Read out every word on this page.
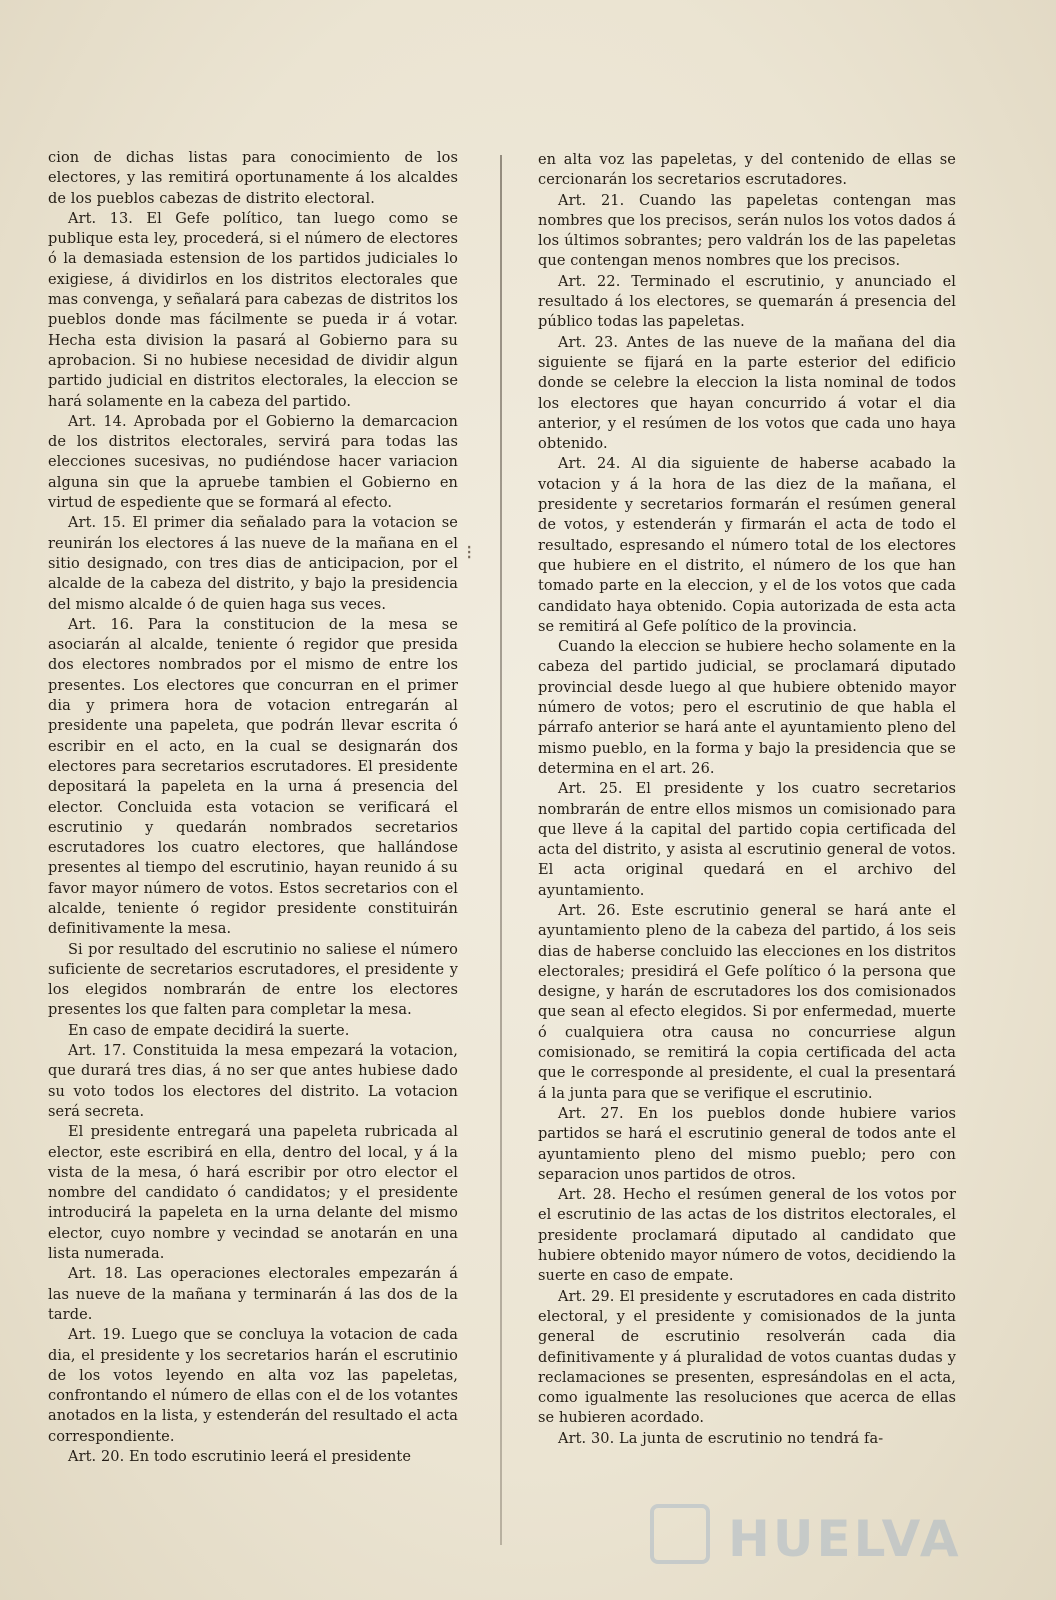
cion de dichas listas para conocimiento de los electores, y las remitirá oportunamente á los alcaldes de los pueblos cabezas de distrito electoral.

Art. 13. El Gefe político, tan luego como se publique esta ley, procederá, si el número de electores ó la demasiada estension de los partidos judiciales lo exigiese, á dividirlos en los distritos electorales que mas convenga, y señalará para cabezas de distritos los pueblos donde mas fácilmente se pueda ir á votar. Hecha esta division la pasará al Gobierno para su aprobacion. Si no hubiese necesidad de dividir algun partido judicial en distritos electorales, la eleccion se hará solamente en la cabeza del partido.

Art. 14. Aprobada por el Gobierno la demarcacion de los distritos electorales, servirá para todas las elecciones sucesivas, no pudiéndose hacer variacion alguna sin que la apruebe tambien el Gobierno en virtud de espediente que se formará al efecto.

Art. 15. El primer dia señalado para la votacion se reunirán los electores á las nueve de la mañana en el sitio designado, con tres dias de anticipacion, por el alcalde de la cabeza del distrito, y bajo la presidencia del mismo alcalde ó de quien haga sus veces.

Art. 16. Para la constitucion de la mesa se asociarán al alcalde, teniente ó regidor que presida dos electores nombrados por el mismo de entre los presentes. Los electores que concurran en el primer dia y primera hora de votacion entregarán al presidente una papeleta, que podrán llevar escrita ó escribir en el acto, en la cual se designarán dos electores para secretarios escrutadores. El presidente depositará la papeleta en la urna á presencia del elector. Concluida esta votacion se verificará el escrutinio y quedarán nombrados secretarios escrutadores los cuatro electores, que hallándose presentes al tiempo del escrutinio, hayan reunido á su favor mayor número de votos. Estos secretarios con el alcalde, teniente ó regidor presidente constituirán definitivamente la mesa.

Si por resultado del escrutinio no saliese el número suficiente de secretarios escrutadores, el presidente y los elegidos nombrarán de entre los electores presentes los que falten para completar la mesa.

En caso de empate decidirá la suerte.

Art. 17. Constituida la mesa empezará la votacion, que durará tres dias, á no ser que antes hubiese dado su voto todos los electores del distrito. La votacion será secreta.

El presidente entregará una papeleta rubricada al elector, este escribirá en ella, dentro del local, y á la vista de la mesa, ó hará escribir por otro elector el nombre del candidato ó candidatos; y el presidente introducirá la papeleta en la urna delante del mismo elector, cuyo nombre y vecindad se anotarán en una lista numerada.

Art. 18. Las operaciones electorales empezarán á las nueve de la mañana y terminarán á las dos de la tarde.

Art. 19. Luego que se concluya la votacion de cada dia, el presidente y los secretarios harán el escrutinio de los votos leyendo en alta voz las papeletas, confrontando el número de ellas con el de los votantes anotados en la lista, y estenderán del resultado el acta correspondiente.

Art. 20. En todo escrutinio leerá el presidente

⁝

en alta voz las papeletas, y del contenido de ellas se cercionarán los secretarios escrutadores.

Art. 21. Cuando las papeletas contengan mas nombres que los precisos, serán nulos los votos dados á los últimos sobrantes; pero valdrán los de las papeletas que contengan menos nombres que los precisos.

Art. 22. Terminado el escrutinio, y anunciado el resultado á los electores, se quemarán á presencia del público todas las papeletas.

Art. 23. Antes de las nueve de la mañana del dia siguiente se fijará en la parte esterior del edificio donde se celebre la eleccion la lista nominal de todos los electores que hayan concurrido á votar el dia anterior, y el resúmen de los votos que cada uno haya obtenido.

Art. 24. Al dia siguiente de haberse acabado la votacion y á la hora de las diez de la mañana, el presidente y secretarios formarán el resúmen general de votos, y estenderán y firmarán el acta de todo el resultado, espresando el número total de los electores que hubiere en el distrito, el número de los que han tomado parte en la eleccion, y el de los votos que cada candidato haya obtenido. Copia autorizada de esta acta se remitirá al Gefe político de la provincia.

Cuando la eleccion se hubiere hecho solamente en la cabeza del partido judicial, se proclamará diputado provincial desde luego al que hubiere obtenido mayor número de votos; pero el escrutinio de que habla el párrafo anterior se hará ante el ayuntamiento pleno del mismo pueblo, en la forma y bajo la presidencia que se determina en el art. 26.

Art. 25. El presidente y los cuatro secretarios nombrarán de entre ellos mismos un comisionado para que lleve á la capital del partido copia certificada del acta del distrito, y asista al escrutinio general de votos. El acta original quedará en el archivo del ayuntamiento.

Art. 26. Este escrutinio general se hará ante el ayuntamiento pleno de la cabeza del partido, á los seis dias de haberse concluido las elecciones en los distritos electorales; presidirá el Gefe político ó la persona que designe, y harán de escrutadores los dos comisionados que sean al efecto elegidos. Si por enfermedad, muerte ó cualquiera otra causa no concurriese algun comisionado, se remitirá la copia certificada del acta que le corresponde al presidente, el cual la presentará á la junta para que se verifique el escrutinio.

Art. 27. En los pueblos donde hubiere varios partidos se hará el escrutinio general de todos ante el ayuntamiento pleno del mismo pueblo; pero con separacion unos partidos de otros.

Art. 28. Hecho el resúmen general de los votos por el escrutinio de las actas de los distritos electorales, el presidente proclamará diputado al candidato que hubiere obtenido mayor número de votos, decidiendo la suerte en caso de empate.

Art. 29. El presidente y escrutadores en cada distrito electoral, y el presidente y comisionados de la junta general de escrutinio resolverán cada dia definitivamente y á pluralidad de votos cuantas dudas y reclamaciones se presenten, espresándolas en el acta, como igualmente las resoluciones que acerca de ellas se hubieren acordado.

Art. 30. La junta de escrutinio no tendrá fa-

HUELVA
